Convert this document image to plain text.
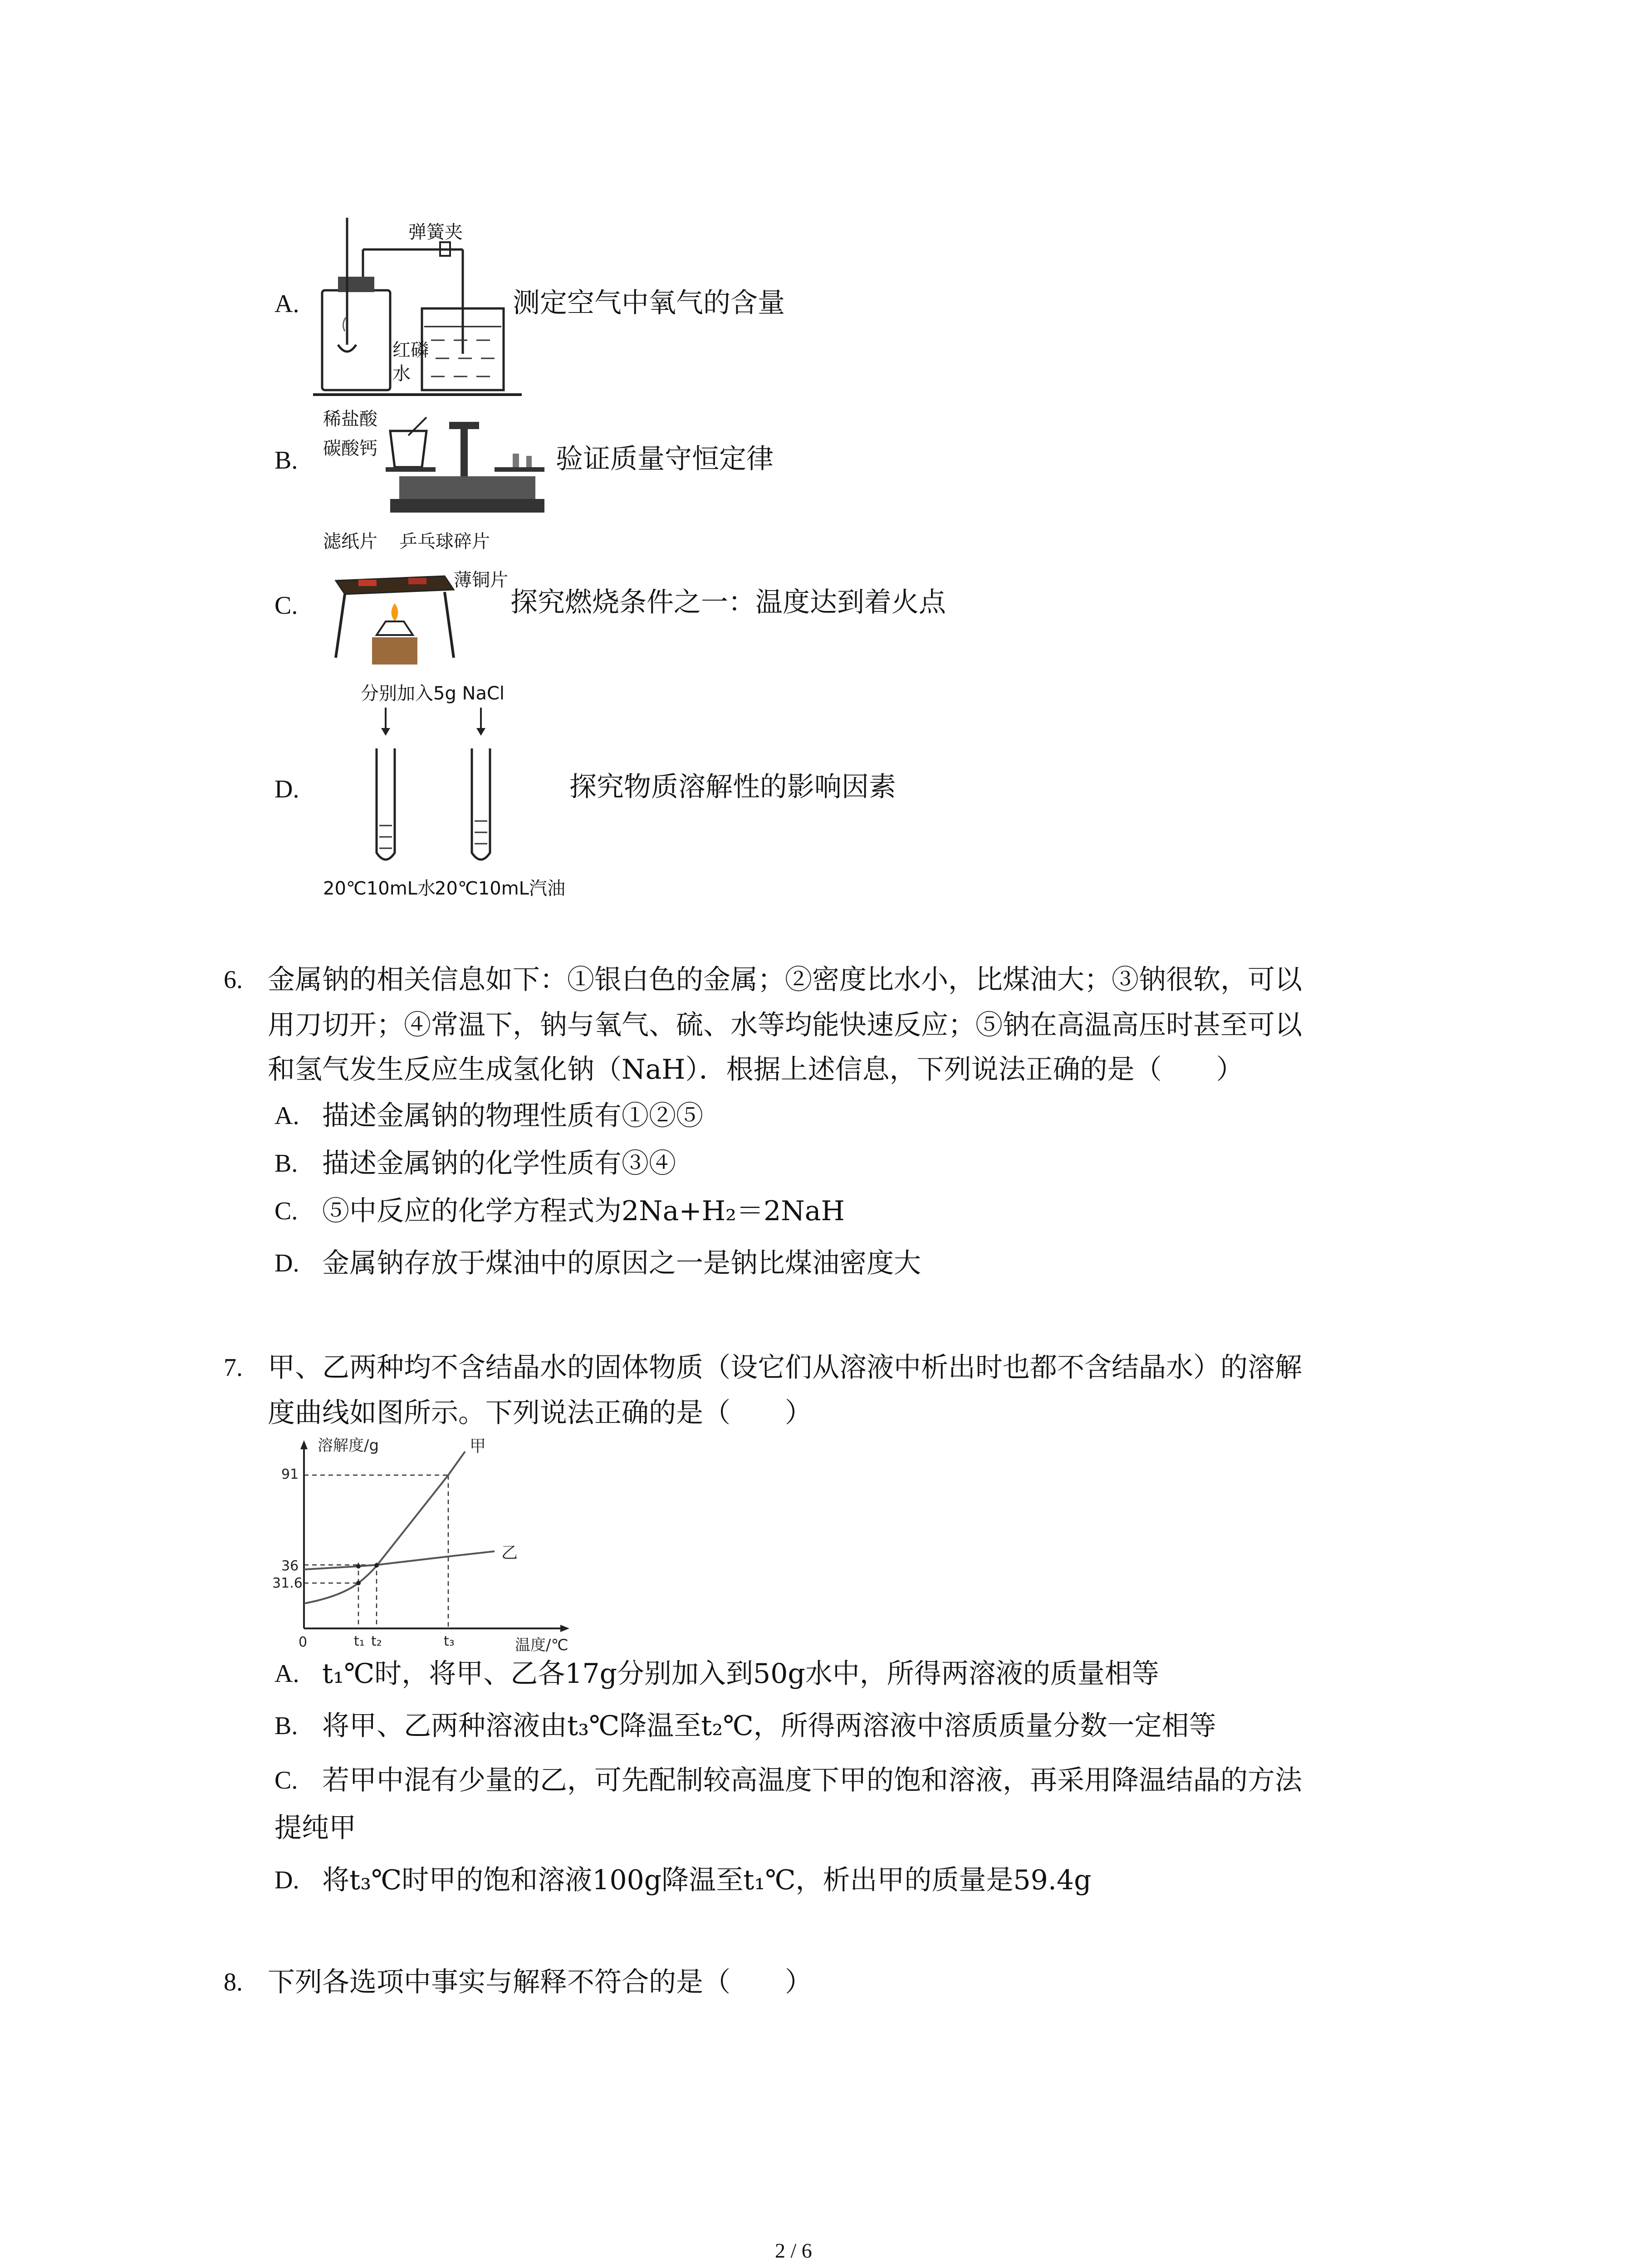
A.
弹簧夹
红磷
水
测定空气中氧气的含量
B.
稀盐酸
碳酸钙	验证质量守恒定律
滤纸片 乒乓球碎片
薄铜片
C.	探究燃烧条件之一：温度达到着火点
分别加入5g NaCl
D.	探究物质溶解性的影响因素
20℃10mL水
20℃10mL汽油
6. 金属钠的相关信息如下：①银白色的金属；②密度比水小，比煤油大；③钠很软，可以
用刀切开；④常温下，钠与氧气、硫、水等均能快速反应；⑤钠在高温高压时甚至可以
和氢气发生反应生成氢化钠（NaH）．根据上述信息，下列说法正确的是（　　）
A. 描述金属钠的物理性质有①②⑤
B. 描述金属钠的化学性质有③④
C. ⑤中反应的化学方程式为2Na+H₂＝2NaH
D. 金属钠存放于煤油中的原因之一是钠比煤油密度大
7. 甲、乙两种均不含结晶水的固体物质（设它们从溶液中析出时也都不含结晶水）的溶解
度曲线如图所示。下列说法正确的是（　　）
溶解度/g
温度/℃
0
91
36
31.6
t₁ t₂	t₃
甲
乙
A. t₁℃时，将甲、乙各17g分别加入到50g水中，所得两溶液的质量相等
B. 将甲、乙两种溶液由t₃℃降温至t₂℃，所得两溶液中溶质质量分数一定相等
C. 若甲中混有少量的乙，可先配制较高温度下甲的饱和溶液，再采用降温结晶的方法
提纯甲
D. 将t₃℃时甲的饱和溶液100g降温至t₁℃，析出甲的质量是59.4g
8. 下列各选项中事实与解释不符合的是（　　）
2 / 6
